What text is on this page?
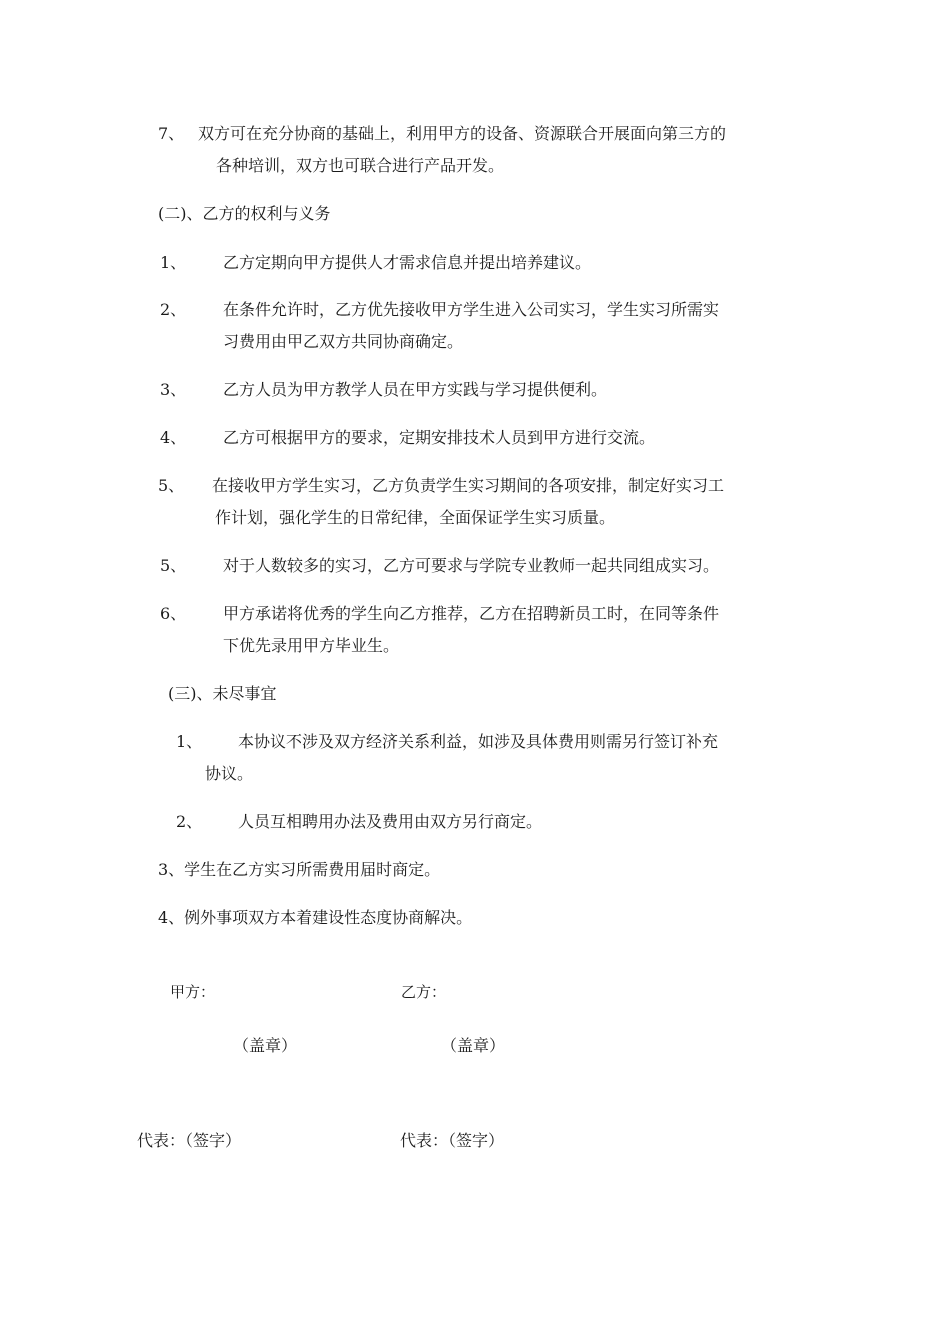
7、 双方可在充分协商的基础上，利用甲方的设备、资源联合开展面向第三方的
各种培训，双方也可联合进行产品开发。
(二)、乙方的权利与义务
1、 乙方定期向甲方提供人才需求信息并提出培养建议。
2、 在条件允许时，乙方优先接收甲方学生进入公司实习，学生实习所需实
习费用由甲乙双方共同协商确定。
3、 乙方人员为甲方教学人员在甲方实践与学习提供便利。
4、 乙方可根据甲方的要求，定期安排技术人员到甲方进行交流。
5、 在接收甲方学生实习，乙方负责学生实习期间的各项安排，制定好实习工
作计划，强化学生的日常纪律，全面保证学生实习质量。
5、 对于人数较多的实习，乙方可要求与学院专业教师一起共同组成实习。
6、 甲方承诺将优秀的学生向乙方推荐，乙方在招聘新员工时，在同等条件
下优先录用甲方毕业生。
(三)、未尽事宜
1、 本协议不涉及双方经济关系利益，如涉及具体费用则需另行签订补充
协议。
2、 人员互相聘用办法及费用由双方另行商定。
3、学生在乙方实习所需费用届时商定。
4、例外事项双方本着建设性态度协商解决。
甲方：	乙方：
（盖章）	（盖章）
代表：（签字）	代表：（签字）
